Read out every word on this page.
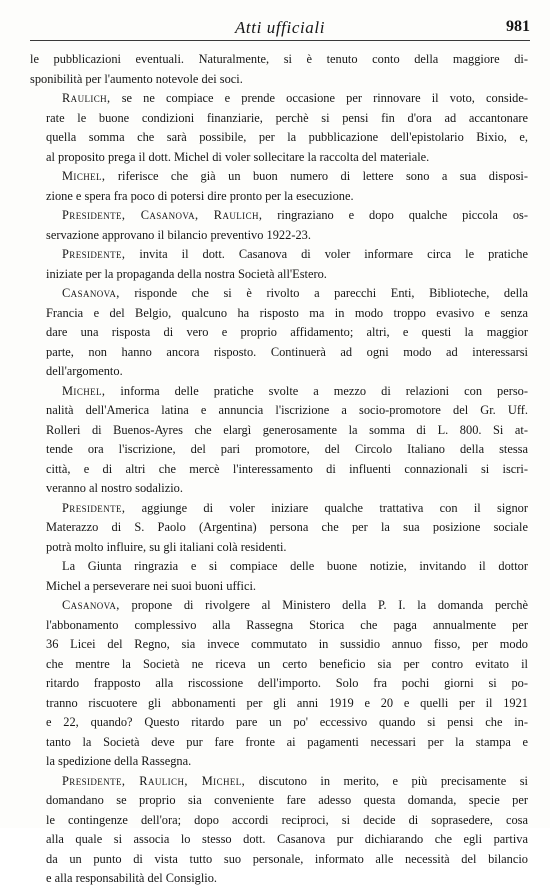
Atti ufficiali	981
le pubblicazioni eventuali. Naturalmente, si è tenuto conto della maggiore di-
sponibilità per l'aumento notevole dei soci.
Raulich, se ne compiace e prende occasione per rinnovare il voto, conside-
rate le buone condizioni finanziarie, perchè si pensi fin d'ora ad accantonare
quella somma che sarà possibile, per la pubblicazione dell'epistolario Bixio, e,
al proposito prega il dott. Michel di voler sollecitare la raccolta del materiale.
Michel, riferisce che già un buon numero di lettere sono a sua disposi-
zione e spera fra poco di potersi dire pronto per la esecuzione.
Presidente, Casanova, Raulich, ringraziano e dopo qualche piccola os-
servazione approvano il bilancio preventivo 1922-23.
Presidente, invita il dott. Casanova di voler informare circa le pratiche
iniziate per la propaganda della nostra Società all'Estero.
Casanova, risponde che si è rivolto a parecchi Enti, Biblioteche, della
Francia e del Belgio, qualcuno ha risposto ma in modo troppo evasivo e senza
dare una risposta di vero e proprio affidamento; altri, e questi la maggior
parte, non hanno ancora risposto. Continuerà ad ogni modo ad interessarsi
dell'argomento.
Michel, informa delle pratiche svolte a mezzo di relazioni con perso-
nalità dell'America latina e annuncia l'iscrizione a socio-promotore del Gr. Uff.
Rolleri di Buenos-Ayres che elargì generosamente la somma di L. 800. Si at-
tende ora l'iscrizione, del pari promotore, del Circolo Italiano della stessa
città, e di altri che mercè l'interessamento di influenti connazionali si iscri-
veranno al nostro sodalizio.
Presidente, aggiunge di voler iniziare qualche trattativa con il signor
Materazzo di S. Paolo (Argentina) persona che per la sua posizione sociale
potrà molto influire, su gli italiani colà residenti.
La Giunta ringrazia e si compiace delle buone notizie, invitando il dottor
Michel a perseverare nei suoi buoni uffici.
Casanova, propone di rivolgere al Ministero della P. I. la domanda perchè
l'abbonamento complessivo alla Rassegna Storica che paga annualmente per
36 Licei del Regno, sia invece commutato in sussidio annuo fisso, per modo
che mentre la Società ne riceva un certo beneficio sia per contro evitato il
ritardo frapposto alla riscossione dell'importo. Solo fra pochi giorni si po-
tranno riscuotere gli abbonamenti per gli anni 1919 e 20 e quelli per il 1921
e 22, quando? Questo ritardo pare un po' eccessivo quando si pensi che in-
tanto la Società deve pur fare fronte ai pagamenti necessari per la stampa e
la spedizione della Rassegna.
Presidente, Raulich, Michel, discutono in merito, e più precisamente si
domandano se proprio sia conveniente fare adesso questa domanda, specie per
le contingenze dell'ora; dopo accordi reciproci, si decide di soprasedere, cosa
alla quale si associa lo stesso dott. Casanova pur dichiarando che egli partiva
da un punto di vista tutto suo personale, informato alle necessità del bilancio
e alla responsabilità del Consiglio.
